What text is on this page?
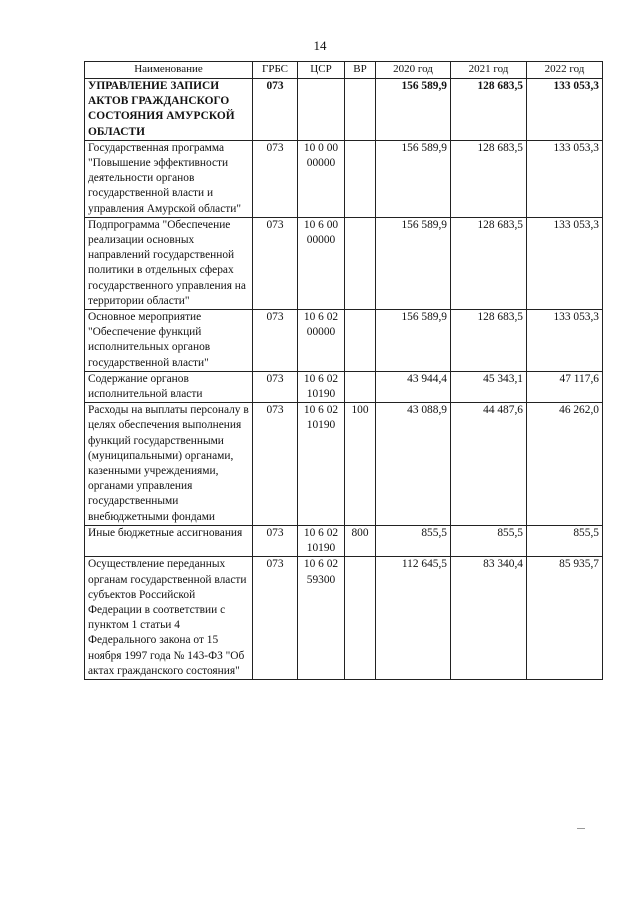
14
Наименование	ГРБС	ЦСР	ВР	2020 год	2021 год	2022 год
УПРАВЛЕНИЕ ЗАПИСИ АКТОВ ГРАЖДАНСКОГО СОСТОЯНИЯ АМУРСКОЙ ОБЛАСТИ	073			156 589,9	128 683,5	133 053,3
Государственная программа "Повышение эффективности деятельности органов государственной власти и управления Амурской области"	073	10 0 00 00000		156 589,9	128 683,5	133 053,3
Подпрограмма "Обеспечение реализации основных направлений государственной политики в отдельных сферах государственного управления на территории области"	073	10 6 00 00000		156 589,9	128 683,5	133 053,3
Основное мероприятие "Обеспечение функций исполнительных органов государственной власти"	073	10 6 02 00000		156 589,9	128 683,5	133 053,3
Содержание органов исполнительной власти	073	10 6 02 10190		43 944,4	45 343,1	47 117,6
Расходы на выплаты персоналу в целях обеспечения выполнения функций государственными (муниципальными) органами, казенными учреждениями, органами управления государственными внебюджетными фондами	073	10 6 02 10190	100	43 088,9	44 487,6	46 262,0
Иные бюджетные ассигнования	073	10 6 02 10190	800	855,5	855,5	855,5
Осуществление переданных органам государственной власти субъектов Российской Федерации в соответствии с пунктом 1 статьи 4 Федерального закона от 15 ноября 1997 года № 143-ФЗ "Об актах гражданского состояния"	073	10 6 02 59300		112 645,5	83 340,4	85 935,7
